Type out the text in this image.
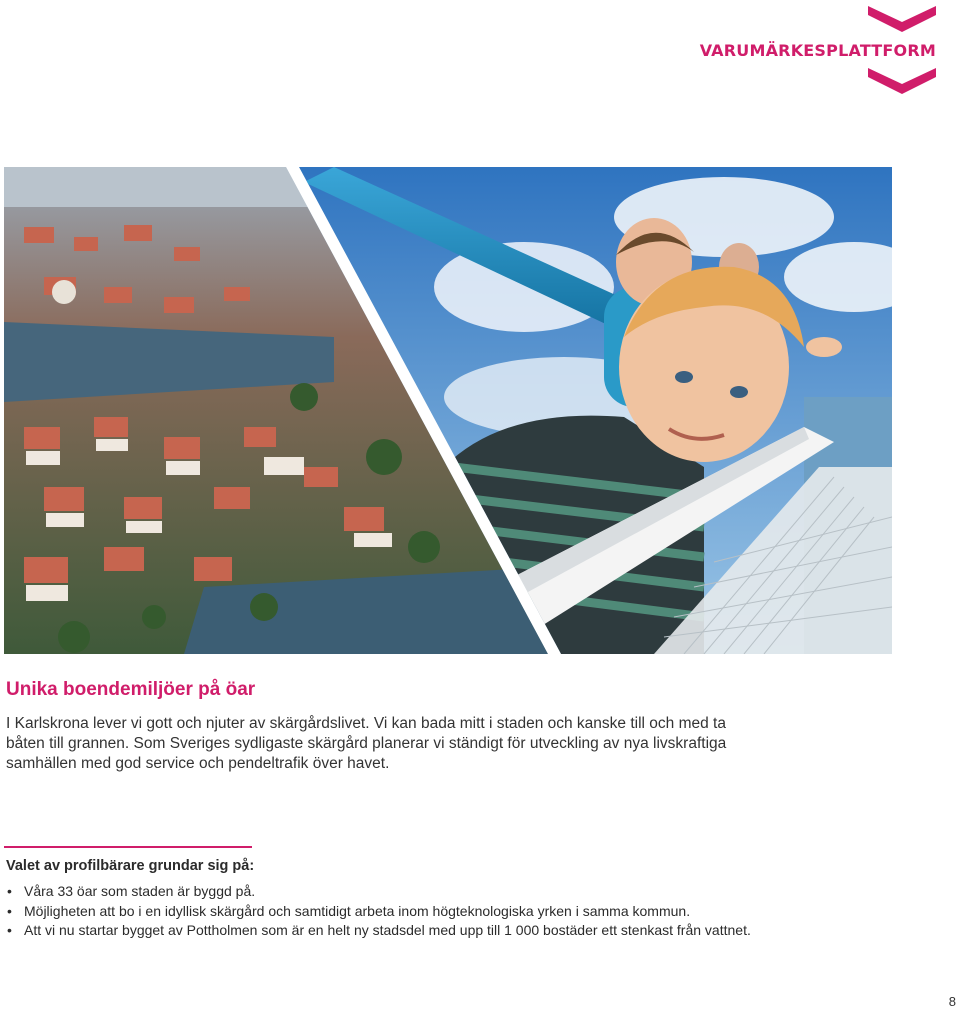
VARUMÄRKESPLATTFORM
Unika boendemiljöer på öar

I Karlskrona lever vi gott och njuter av skärgårdslivet. Vi kan bada mitt i staden och kanske till och med ta båten till grannen. Som Sveriges sydligaste skärgård planerar vi ständigt för utveckling av nya livskraftiga samhällen med god service och pendeltrafik över havet.

Valet av profilbärare grundar sig på:
• Våra 33 öar som staden är byggd på.
• Möjligheten att bo i en idyllisk skärgård och samtidigt arbeta inom högteknologiska yrken i samma kommun.
• Att vi nu startar bygget av Pottholmen som är en helt ny stadsdel med upp till 1 000 bostäder ett stenkast från vattnet.
8
